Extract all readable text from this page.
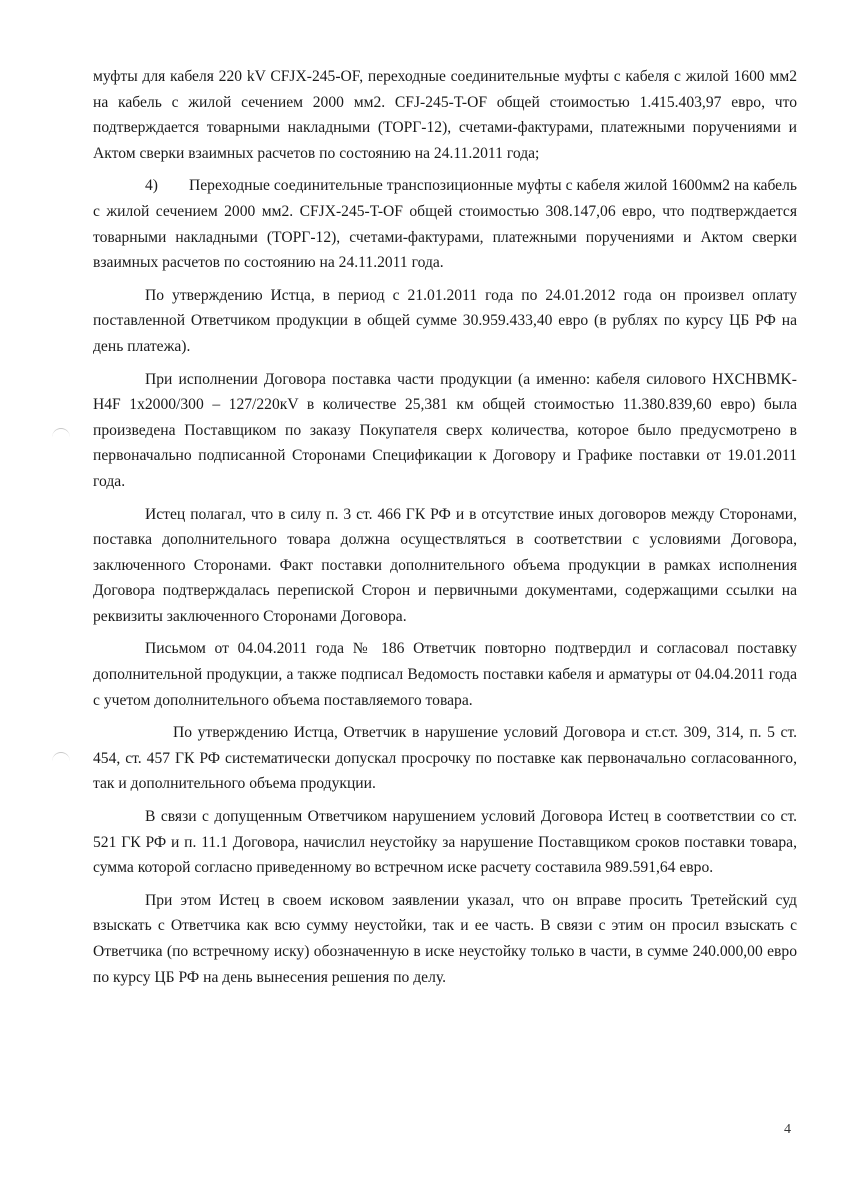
муфты для кабеля 220 kV CFJX-245-OF, переходные соединительные муфты с кабеля с жилой 1600 мм2 на кабель с жилой сечением 2000 мм2. CFJ-245-T-OF общей стоимостью 1.415.403,97 евро, что подтверждается товарными накладными (ТОРГ-12), счетами-фактурами, платежными поручениями и Актом сверки взаимных расчетов по состоянию на 24.11.2011 года;

4) Переходные соединительные транспозиционные муфты с кабеля жилой 1600мм2 на кабель с жилой сечением 2000 мм2. CFJX-245-T-OF общей стоимостью 308.147,06 евро, что подтверждается товарными накладными (ТОРГ-12), счетами-фактурами, платежными поручениями и Актом сверки взаимных расчетов по состоянию на 24.11.2011 года.

По утверждению Истца, в период с 21.01.2011 года по 24.01.2012 года он произвел оплату поставленной Ответчиком продукции в общей сумме 30.959.433,40 евро (в рублях по курсу ЦБ РФ на день платежа).

При исполнении Договора поставка части продукции (а именно: кабеля силового HXCHBMK-H4F 1x2000/300 – 127/220кV в количестве 25,381 км общей стоимостью 11.380.839,60 евро) была произведена Поставщиком по заказу Покупателя сверх количества, которое было предусмотрено в первоначально подписанной Сторонами Спецификации к Договору и Графике поставки от 19.01.2011 года.

Истец полагал, что в силу п. 3 ст. 466 ГК РФ и в отсутствие иных договоров между Сторонами, поставка дополнительного товара должна осуществляться в соответствии с условиями Договора, заключенного Сторонами. Факт поставки дополнительного объема продукции в рамках исполнения Договора подтверждалась перепиской Сторон и первичными документами, содержащими ссылки на реквизиты заключенного Сторонами Договора.

Письмом от 04.04.2011 года № 186 Ответчик повторно подтвердил и согласовал поставку дополнительной продукции, а также подписал Ведомость поставки кабеля и арматуры от 04.04.2011 года с учетом дополнительного объема поставляемого товара.

По утверждению Истца, Ответчик в нарушение условий Договора и ст.ст. 309, 314, п. 5 ст. 454, ст. 457 ГК РФ систематически допускал просрочку по поставке как первоначально согласованного, так и дополнительного объема продукции.

В связи с допущенным Ответчиком нарушением условий Договора Истец в соответствии со ст. 521 ГК РФ и п. 11.1 Договора, начислил неустойку за нарушение Поставщиком сроков поставки товара, сумма которой согласно приведенному во встречном иске расчету составила 989.591,64 евро.

При этом Истец в своем исковом заявлении указал, что он вправе просить Третейский суд взыскать с Ответчика как всю сумму неустойки, так и ее часть. В связи с этим он просил взыскать с Ответчика (по встречному иску) обозначенную в иске неустойку только в части, в сумме 240.000,00 евро по курсу ЦБ РФ на день вынесения решения по делу.

4
